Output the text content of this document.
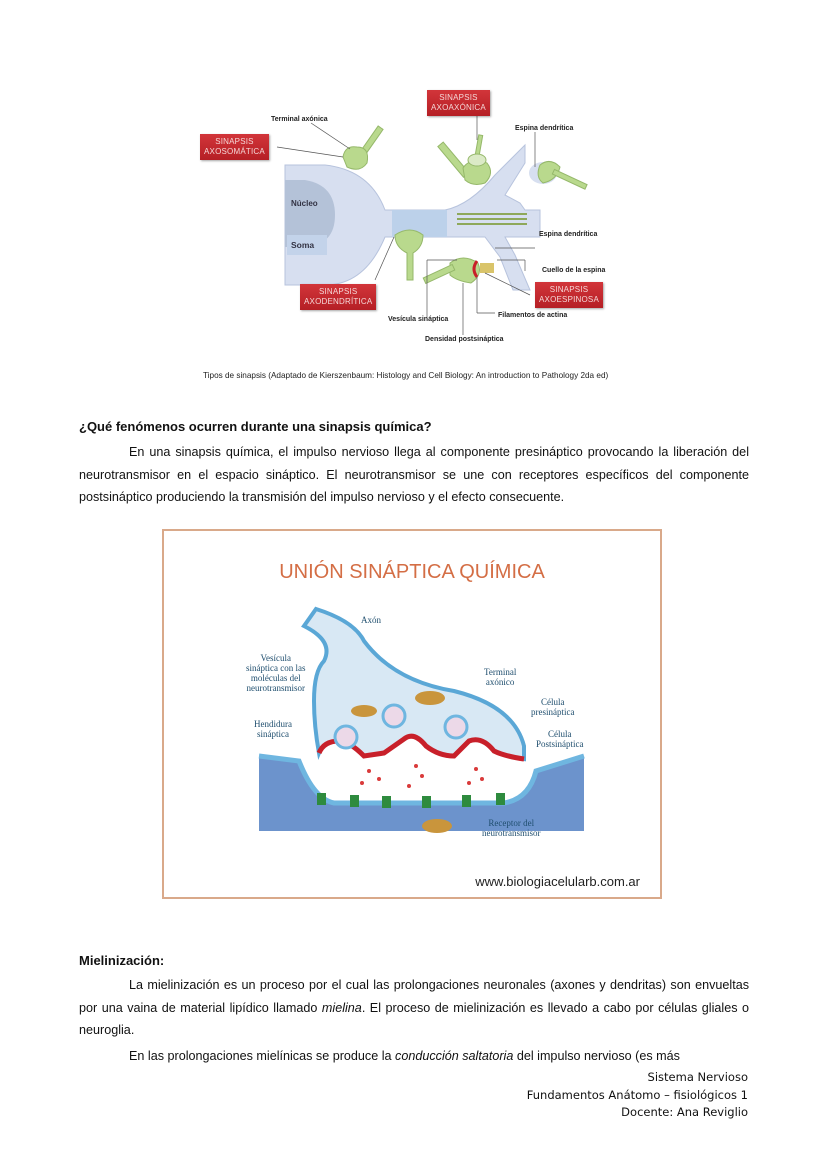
SINAPSIS
AXOSOMÁTICA
SINAPSIS
AXOAXÓNICA
SINAPSIS
AXODENDRÍTICA
SINAPSIS
AXOESPINOSA
Terminal axónica
Espina dendrítica
Núcleo
Soma
Espina dendrítica
Cuello de la espina
Filamentos de actina
Vesícula sináptica
Densidad postsináptica
Tipos de sinapsis (Adaptado de Kierszenbaum: Histology and Cell Biology: An introduction to Pathology 2da ed)
¿Qué fenómenos ocurren durante una sinapsis química?
En una sinapsis química, el impulso nervioso llega al componente presináptico provocando la liberación del neurotransmisor en el espacio sináptico. El neurotransmisor se une con receptores específicos del componente postsináptico produciendo la transmisión del impulso nervioso y el efecto consecuente.
UNIÓN SINÁPTICA QUÍMICA
Axón
Vesícula
sináptica con las
moléculas del
neurotransmisor
Terminal
axónico
Célula
presináptica
Hendidura
sináptica	Célula
Postsináptica
Receptor del
neurotransmisor
www.biologiacelularb.com.ar
Mielinización:
La mielinización es un proceso por el cual las prolongaciones neuronales (axones y dendritas) son envueltas por una vaina de material lipídico llamado mielina. El proceso de mielinización es llevado a cabo por células gliales o neuroglia.
En las prolongaciones mielínicas se produce la conducción saltatoria del impulso nervioso (es más
Sistema Nervioso
Fundamentos Anátomo – fisiológicos 1
Docente: Ana Reviglio
